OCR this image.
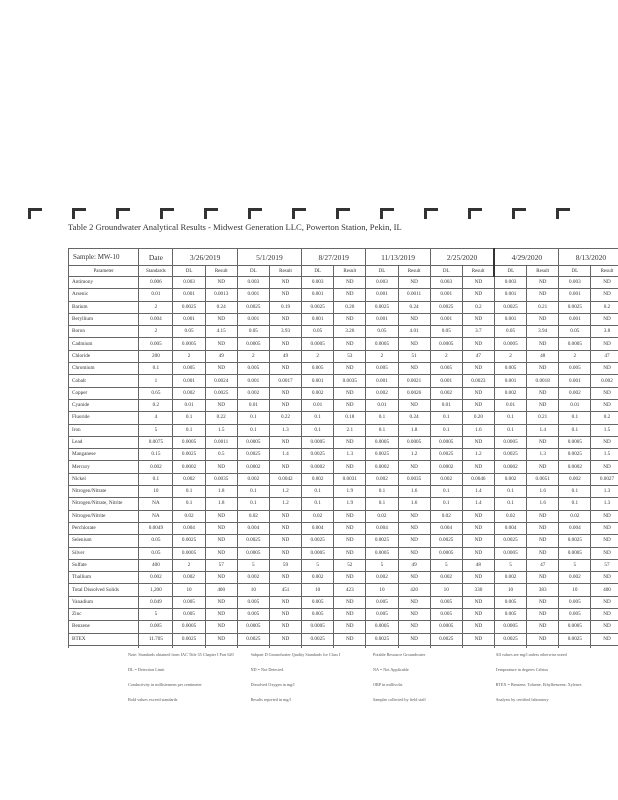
Table 2 Groundwater Analytical Results - Midwest Generation LLC, Powerton Station, Pekin, IL
Sample: MW-10	Date	3/26/2019		5/1/2019		8/27/2019		11/13/2019		2/25/2020		4/29/2020		8/13/2020	
Parameter	Standards	DL	Result	DL	Result	DL	Result	DL	Result	DL	Result	DL	Result	DL	Result		
Antimony	0.006	0.003	ND	0.003	ND	0.003	ND	0.003	ND	0.003	ND	0.003	ND	0.003	ND	
Arsenic	0.01	0.001	0.0013	0.001	ND	0.001	ND	0.001	0.0011	0.001	ND	0.001	ND	0.001	ND	
Barium	2	0.0025	0.24	0.0025	0.19	0.0025	0.20	0.0025	0.24	0.0025	0.2	0.0025	0.21	0.0025	0.2	
Beryllium	0.004	0.001	ND	0.001	ND	0.001	ND	0.001	ND	0.001	ND	0.001	ND	0.001	ND	
Boron	2	0.05	4.15	0.05	3.93	0.05	3.26	0.05	4.01	0.05	3.7	0.05	3.94	0.05	3.8	
Cadmium	0.005	0.0005	ND	0.0005	ND	0.0005	ND	0.0005	ND	0.0005	ND	0.0005	ND	0.0005	ND	
Chloride	200	2	49	2	49	2	53	2	51	2	47	2	48	2	47	
Chromium	0.1	0.005	ND	0.005	ND	0.005	ND	0.005	ND	0.005	ND	0.005	ND	0.005	ND	
Cobalt	1	0.001	0.0024	0.001	0.0017	0.001	0.0035	0.001	0.0021	0.001	0.0023	0.001	0.0018	0.001	0.002	
Copper	0.65	0.002	0.0025	0.002	ND	0.002	ND	0.002	0.0026	0.002	ND	0.002	ND	0.002	ND	
Cyanide	0.2	0.01	ND	0.01	ND	0.01	ND	0.01	ND	0.01	ND	0.01	ND	0.01	ND	
Fluoride	4	0.1	0.22	0.1	0.22	0.1	0.18	0.1	0.24	0.1	0.20	0.1	0.21	0.1	0.2	
Iron	5	0.1	1.5	0.1	1.3	0.1	2.1	0.1	1.8	0.1	1.6	0.1	1.4	0.1	1.5	
Lead	0.0075	0.0005	0.0011	0.0005	ND	0.0005	ND	0.0005	0.0005	0.0005	ND	0.0005	ND	0.0005	ND	
Manganese	0.15	0.0025	0.5	0.0025	1.4	0.0025	1.3	0.0025	1.2	0.0025	1.2	0.0025	1.3	0.0025	1.5	
Mercury	0.002	0.0002	ND	0.0002	ND	0.0002	ND	0.0002	ND	0.0002	ND	0.0002	ND	0.0002	ND	
Nickel	0.1	0.002	0.0035	0.002	0.0042	0.002	0.0031	0.002	0.0035	0.002	0.0046	0.002	0.0051	0.002	0.0027	
Nitrogen/Nitrate	10	0.1	1.8	0.1	1.2	0.1	1.9	0.1	1.6	0.1	1.4	0.1	1.6	0.1	1.3	
Nitrogen/Nitrate, Nitrite	NA	0.1	1.8	0.1	1.2	0.1	1.9	0.1	1.6	0.1	1.4	0.1	1.6	0.1	1.3	
Nitrogen/Nitrite	NA	0.02	ND	0.02	ND	0.02	ND	0.02	ND	0.02	ND	0.02	ND	0.02	ND	
Perchlorate	0.0049	0.004	ND	0.004	ND	0.004	ND	0.004	ND	0.004	ND	0.004	ND	0.004	ND	
Selenium	0.05	0.0025	ND	0.0025	ND	0.0025	ND	0.0025	ND	0.0025	ND	0.0025	ND	0.0025	ND	
Silver	0.05	0.0005	ND	0.0005	ND	0.0005	ND	0.0005	ND	0.0005	ND	0.0005	ND	0.0005	ND	
Sulfate	400	2	57	5	59	5	52	5	49	5	48	5	47	5	57	
Thallium	0.002	0.002	ND	0.002	ND	0.002	ND	0.002	ND	0.002	ND	0.002	ND	0.002	ND	
Total Dissolved Solids	1,200	10	400	10	451	10	423	10	420	10	330	10	383	10	400	
Vanadium	0.049	0.005	ND	0.005	ND	0.005	ND	0.005	ND	0.005	ND	0.005	ND	0.005	ND	
Zinc	5	0.005	ND	0.005	ND	0.005	ND	0.005	ND	0.005	ND	0.005	ND	0.005	ND	
Benzene	0.005	0.0005	ND	0.0005	ND	0.0005	ND	0.0005	ND	0.0005	ND	0.0005	ND	0.0005	ND	
BTEX	11.705	0.0025	ND	0.0025	ND	0.0025	ND	0.0025	ND	0.0025	ND	0.0025	ND	0.0025	ND	

Note: Standards obtained from IAC Title 35 Chapter I Part 620	Subpart D Groundwater Quality Standards for Class I	Potable Resource Groundwater	All values are mg/l unless otherwise noted
DL = Detection Limit	ND = Not Detected	NA = Not Applicable	Temperature in degrees Celsius
Conductivity in millisiemens per centimeter	Dissolved Oxygen in mg/l	ORP in millivolts	BTEX = Benzene, Toluene, Ethylbenzene, Xylenes
Bold values exceed standards	Results reported in mg/l	Samples collected by field staff	Analysis by certified laboratory
